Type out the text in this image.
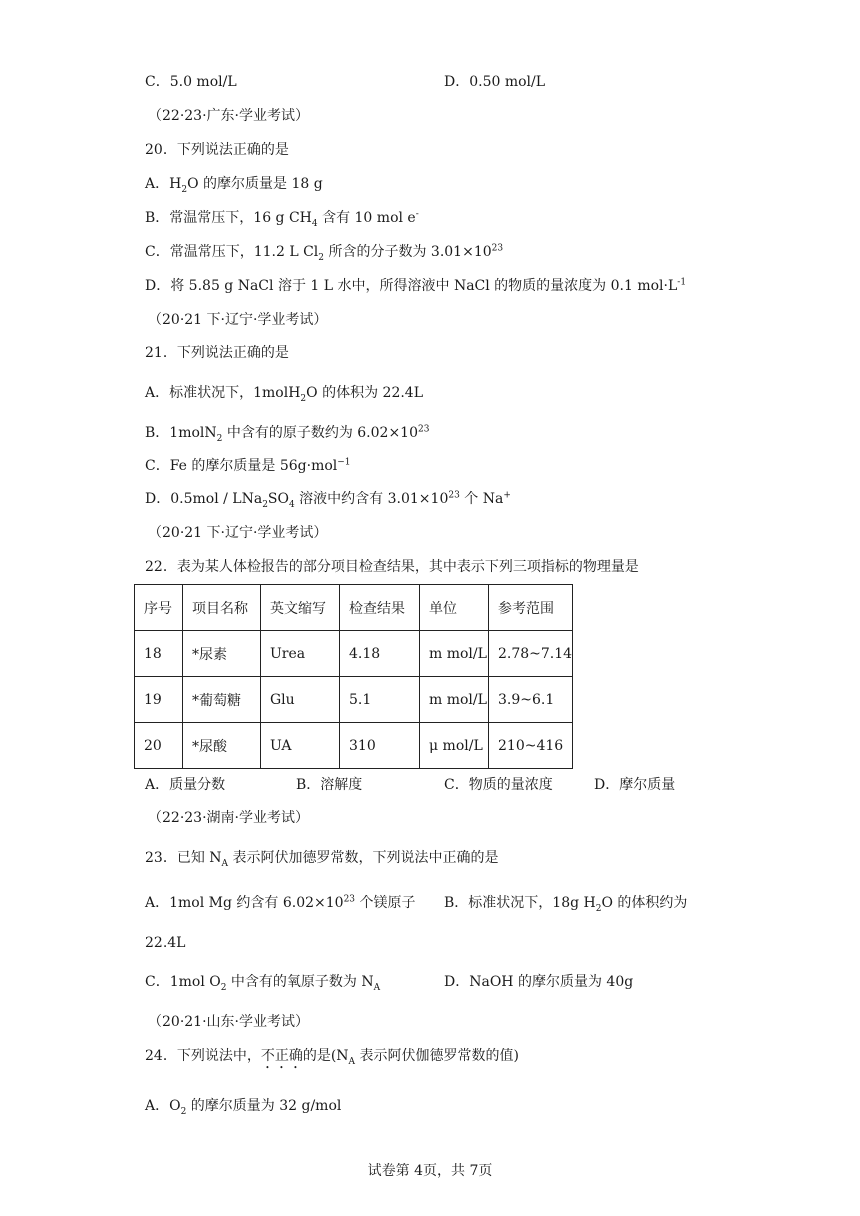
C．5.0 mol/L	D．0.50 mol/L
（22·23·广东·学业考试）
20．下列说法正确的是
A．$H_2O$ 的摩尔质量是 18 g
B．常温常压下，16 g $CH_4$ 含有 10 mol e-
C．常温常压下，11.2 L $Cl_2$ 所含的分子数为 $3.01\times 10^{23}$
D．将 5.85 g NaCl 溶于 1 L 水中，所得溶液中 NaCl 的物质的量浓度为 0.1 $mol\cdot L^{-1}$
（20·21 下·辽宁·学业考试）
21．下列说法正确的是
A．标准状况下，1molH$_2$O 的体积为 22.4L
B．1molN$_2$ 中含有的原子数约为 $6.02\times 10^{23}$
C．Fe 的摩尔质量是 56g·mol$^{-1}$
D．$0.5mol / LNa_2SO_4$ 溶液中约含有 $3.01\times 10^{23}$ 个 Na+
（20·21 下·辽宁·学业考试）
22．表为某人体检报告的部分项目检查结果，其中表示下列三项指标的物理量是
序号	项目名称	英文缩写	检查结果	单位	参考范围
18	*尿素	Urea	4.18	m mol/L	2.78~7.14
19	*葡萄糖	Glu	5.1	m mol/L	3.9~6.1
20	*尿酸	UA	310	μ mol/L	210~416
A．质量分数	B．溶解度	C．物质的量浓度	D．摩尔质量
（22·23·湖南·学业考试）
23．已知 $N_A$ 表示阿伏加德罗常数，下列说法中正确的是
A．1mol Mg 约含有 $6.02\times 10^{23}$ 个镁原子 B．标准状况下，18g $H_2O$ 的体积约为
22.4L
C．1mol $O_2$ 中含有的氧原子数为 $N_A$	D．NaOH 的摩尔质量为 40g
（20·21·山东·学业考试）
24．下列说法中，不正确的是($N_A$ 表示阿伏伽德罗常数的值)
A．$O_2$ 的摩尔质量为 32 g/mol
试卷第 4页，共 7页
